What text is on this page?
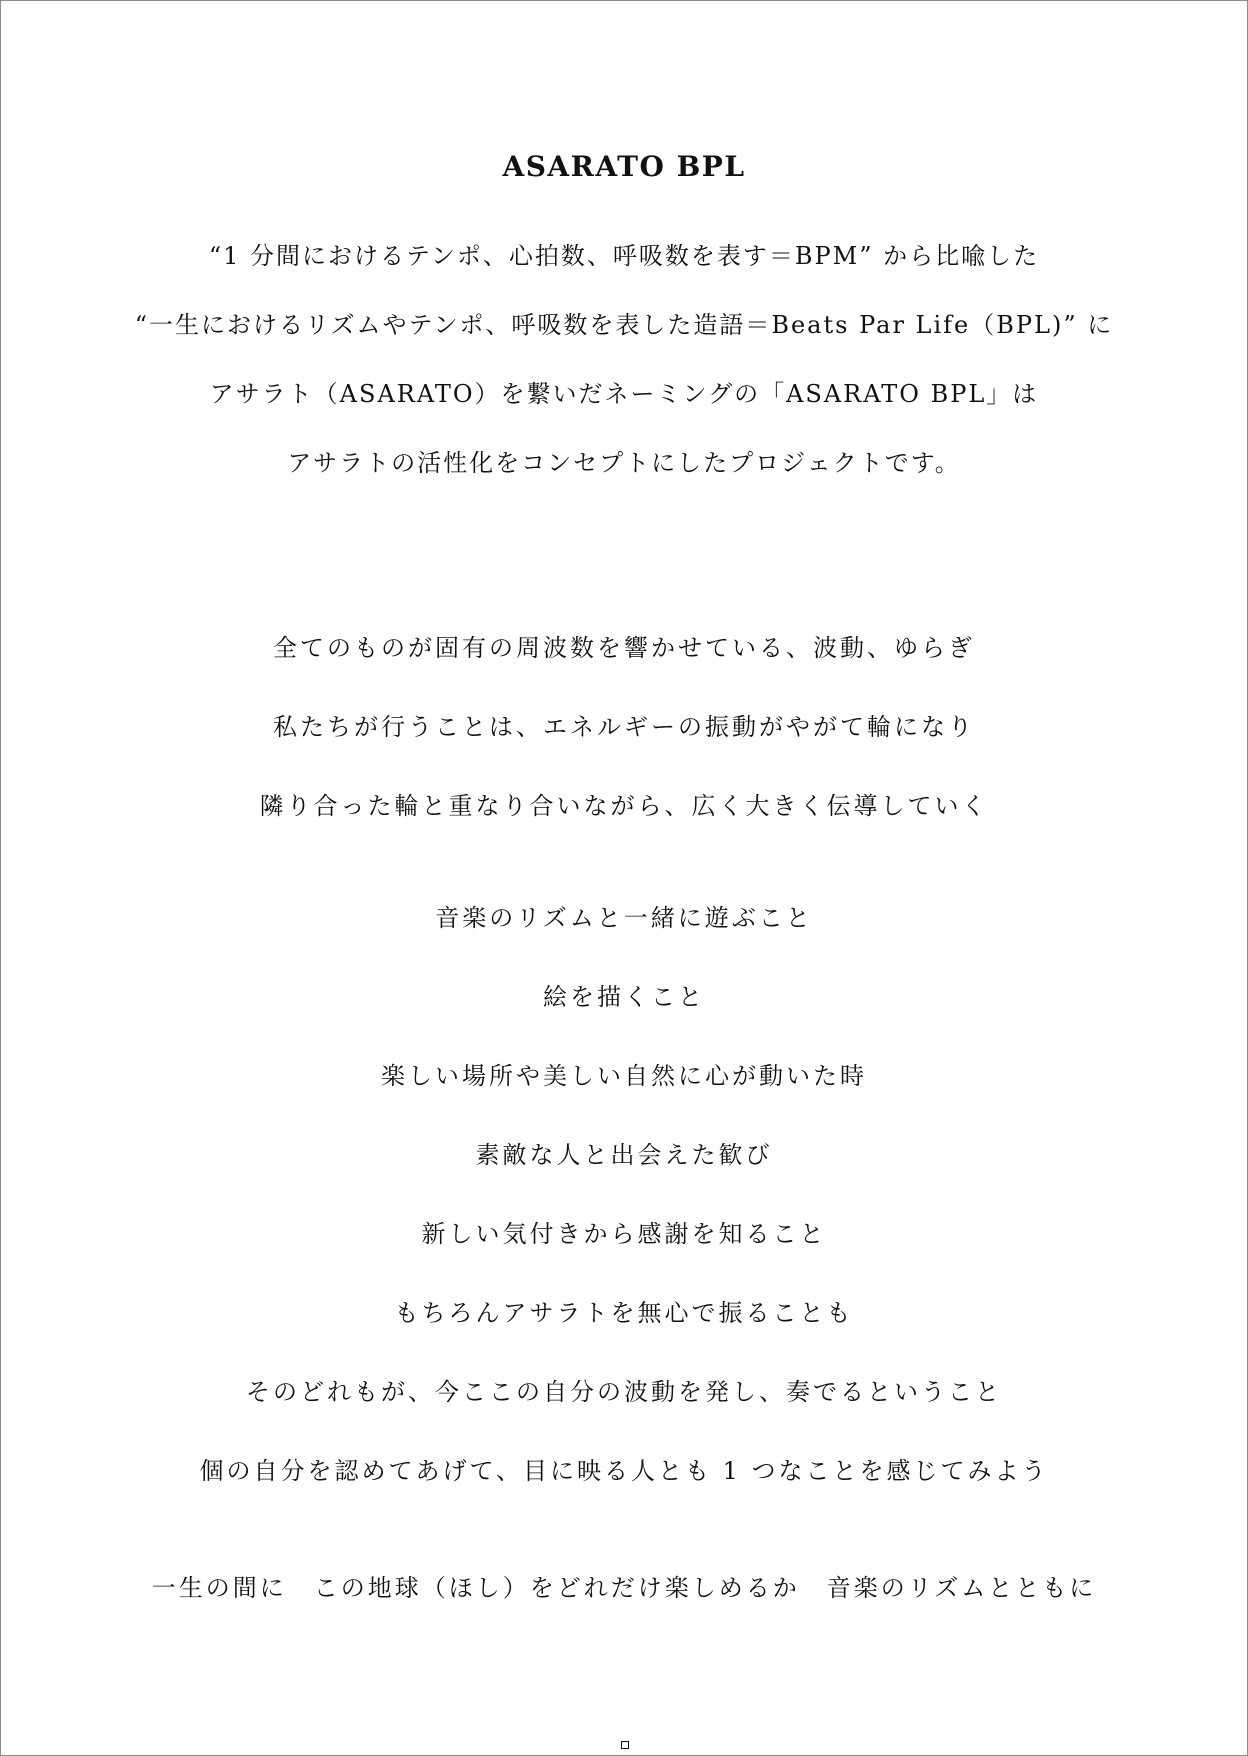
ASARATO BPL
“1 分間におけるテンポ、心拍数、呼吸数を表す＝BPM” から比喩した
“一生におけるリズムやテンポ、呼吸数を表した造語＝Beats Par Life（BPL)” に
アサラト（ASARATO）を繋いだネーミングの「ASARATO BPL」は
アサラトの活性化をコンセプトにしたプロジェクトです。
全てのものが固有の周波数を響かせている、波動、ゆらぎ
私たちが行うことは、エネルギーの振動がやがて輪になり
隣り合った輪と重なり合いながら、広く大きく伝導していく
音楽のリズムと一緒に遊ぶこと
絵を描くこと
楽しい場所や美しい自然に心が動いた時
素敵な人と出会えた歓び
新しい気付きから感謝を知ること
もちろんアサラトを無心で振ることも
そのどれもが、今ここの自分の波動を発し、奏でるということ
個の自分を認めてあげて、目に映る人とも 1 つなことを感じてみよう
一生の間に　この地球（ほし）をどれだけ楽しめるか　音楽のリズムとともに
